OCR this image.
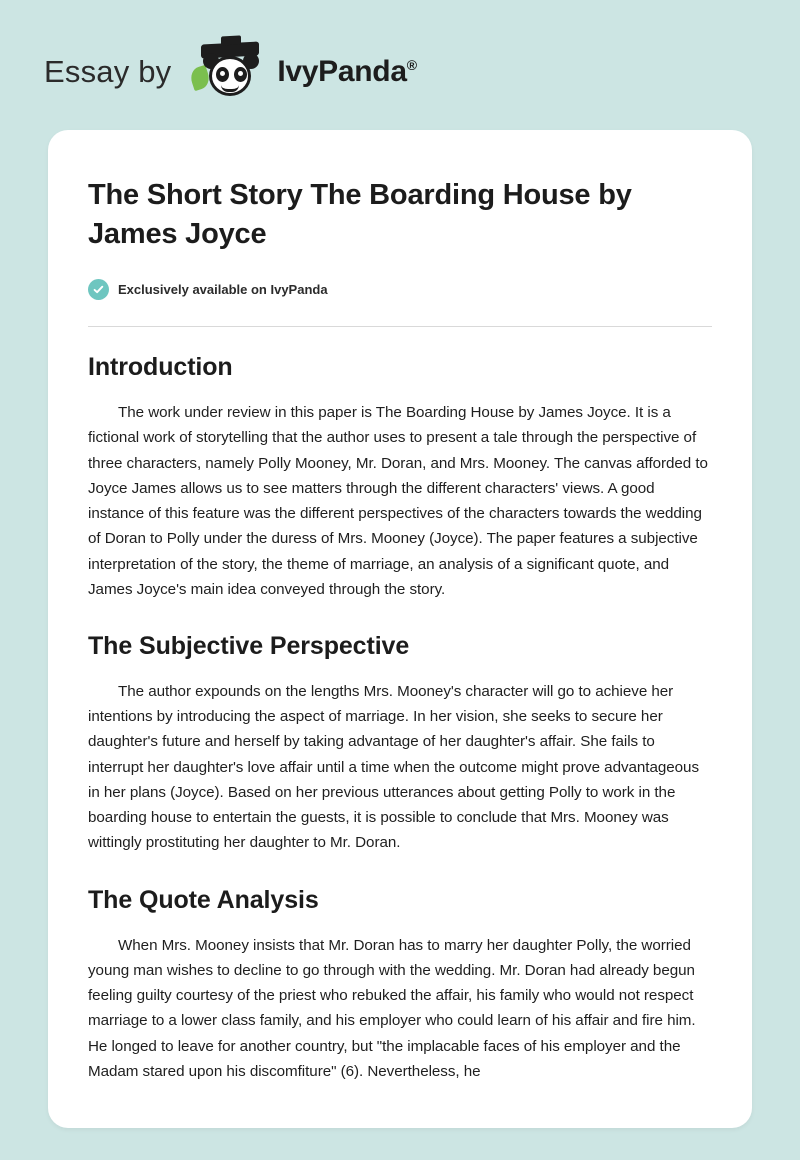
Essay by	IvyPanda®
The Short Story The Boarding House by James Joyce
Exclusively available on IvyPanda
Introduction

The work under review in this paper is The Boarding House by James Joyce. It is a fictional work of storytelling that the author uses to present a tale through the perspective of three characters, namely Polly Mooney, Mr. Doran, and Mrs. Mooney. The canvas afforded to Joyce James allows us to see matters through the different characters' views. A good instance of this feature was the different perspectives of the characters towards the wedding of Doran to Polly under the duress of Mrs. Mooney (Joyce). The paper features a subjective interpretation of the story, the theme of marriage, an analysis of a significant quote, and James Joyce's main idea conveyed through the story.

The Subjective Perspective

The author expounds on the lengths Mrs. Mooney's character will go to achieve her intentions by introducing the aspect of marriage. In her vision, she seeks to secure her daughter's future and herself by taking advantage of her daughter's affair. She fails to interrupt her daughter's love affair until a time when the outcome might prove advantageous in her plans (Joyce). Based on her previous utterances about getting Polly to work in the boarding house to entertain the guests, it is possible to conclude that Mrs. Mooney was wittingly prostituting her daughter to Mr. Doran.

The Quote Analysis

When Mrs. Mooney insists that Mr. Doran has to marry her daughter Polly, the worried young man wishes to decline to go through with the wedding. Mr. Doran had already begun feeling guilty courtesy of the priest who rebuked the affair, his family who would not respect marriage to a lower class family, and his employer who could learn of his affair and fire him. He longed to leave for another country, but "the implacable faces of his employer and the Madam stared upon his discomfiture" (6). Nevertheless, he
